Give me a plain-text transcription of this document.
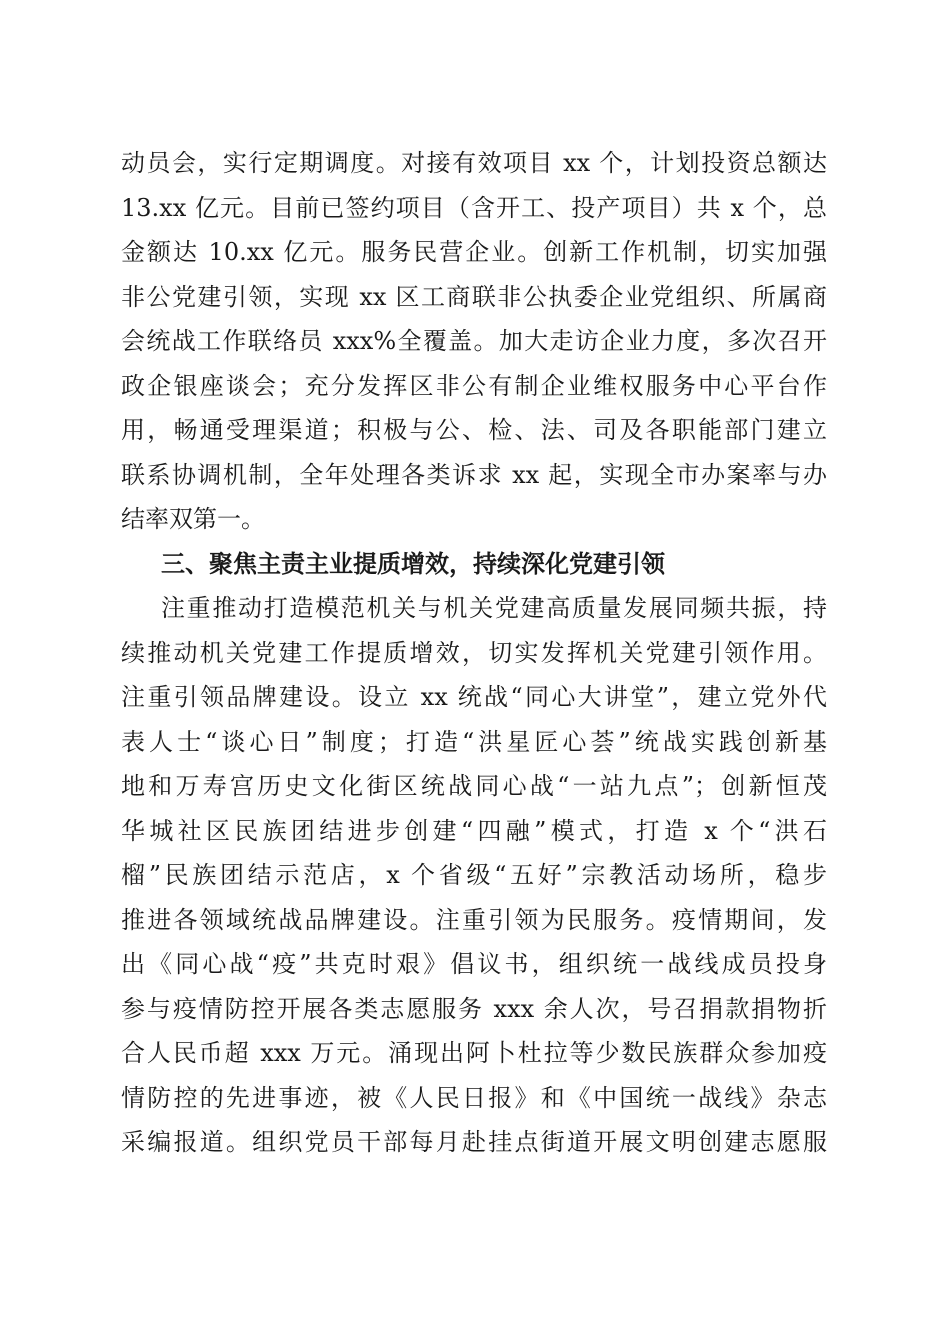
动员会，实行定期调度。对接有效项目 xx 个，计划投资总额达
13.xx 亿元。目前已签约项目（含开工、投产项目）共 x 个，总
金额达 10.xx 亿元。服务民营企业。创新工作机制，切实加强
非公党建引领，实现 xx 区工商联非公执委企业党组织、所属商
会统战工作联络员 xxx%全覆盖。加大走访企业力度，多次召开
政企银座谈会；充分发挥区非公有制企业维权服务中心平台作
用，畅通受理渠道；积极与公、检、法、司及各职能部门建立
联系协调机制，全年处理各类诉求 xx 起，实现全市办案率与办
结率双第一。
三、聚焦主责主业提质增效，持续深化党建引领
注重推动打造模范机关与机关党建高质量发展同频共振，持
续推动机关党建工作提质增效，切实发挥机关党建引领作用。
注重引领品牌建设。设立 xx 统战“同心大讲堂”，建立党外代
表人士“谈心日”制度；打造“洪星匠心荟”统战实践创新基
地和万寿宫历史文化街区统战同心战“一站九点”；创新恒茂
华城社区民族团结进步创建“四融”模式，打造 x 个“洪石
榴”民族团结示范店，x 个省级“五好”宗教活动场所，稳步
推进各领域统战品牌建设。注重引领为民服务。疫情期间，发
出《同心战“疫”共克时艰》倡议书，组织统一战线成员投身
参与疫情防控开展各类志愿服务 xxx 余人次，号召捐款捐物折
合人民币超 xxx 万元。涌现出阿卜杜拉等少数民族群众参加疫
情防控的先进事迹，被《人民日报》和《中国统一战线》杂志
采编报道。组织党员干部每月赴挂点街道开展文明创建志愿服
